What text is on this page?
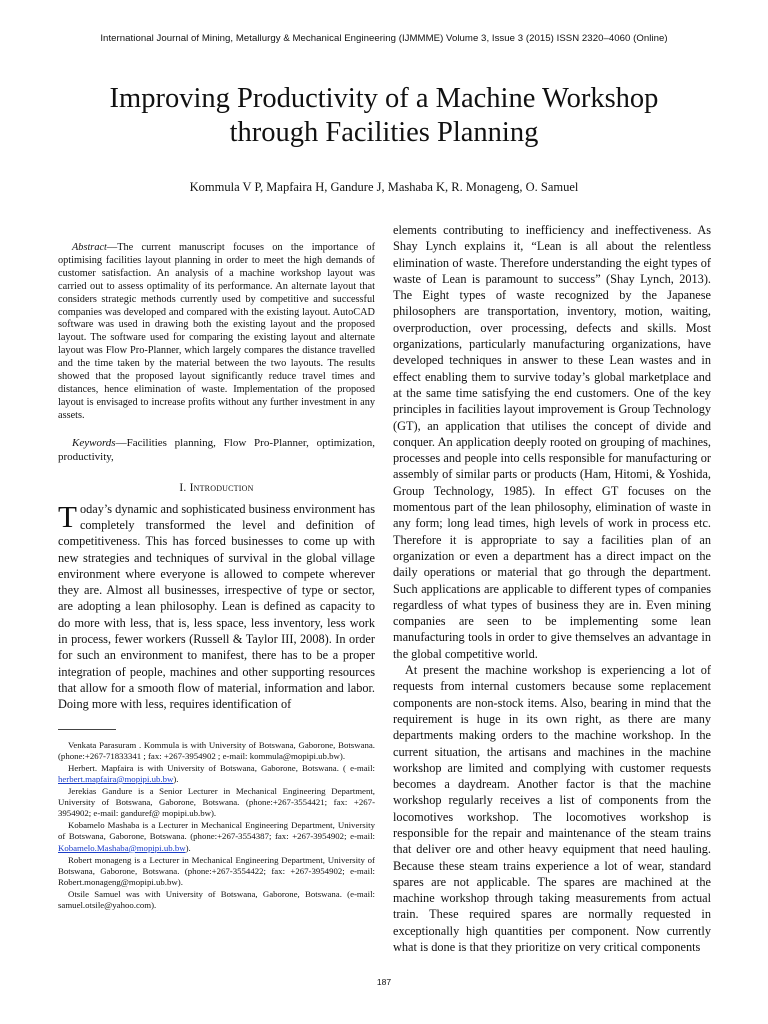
International Journal of Mining, Metallurgy & Mechanical Engineering (IJMMME) Volume 3, Issue 3 (2015) ISSN 2320–4060 (Online)
Improving Productivity of a Machine Workshop
through Facilities Planning
Kommula V P, Mapfaira H, Gandure J, Mashaba K, R. Monageng, O. Samuel

Abstract—The current manuscript focuses on the importance of optimising facilities layout planning in order to meet the high demands of customer satisfaction. An analysis of a machine workshop layout was carried out to assess optimality of its performance. An alternate layout that considers strategic methods currently used by competitive and successful companies was developed and compared with the existing layout. AutoCAD software was used in drawing both the existing layout and the proposed layout. The software used for comparing the existing layout and alternate layout was Flow Pro-Planner, which largely compares the distance travelled and the time taken by the material between the two layouts. The results showed that the proposed layout significantly reduce travel times and distances, hence elimination of waste. Implementation of the proposed layout is envisaged to increase profits without any further investment in any assets.

Keywords—Facilities planning, Flow Pro-Planner, optimization, productivity,

I. Introduction

Today’s dynamic and sophisticated business environment has completely transformed the level and definition of competitiveness. This has forced businesses to come up with new strategies and techniques of survival in the global village environment where everyone is allowed to compete wherever they are. Almost all businesses, irrespective of type or sector, are adopting a lean philosophy. Lean is defined as capacity to do more with less, that is, less space, less inventory, less work in process, fewer workers (Russell & Taylor III, 2008). In order for such an environment to manifest, there has to be a proper integration of people, machines and other supporting resources that allow for a smooth flow of material, information and labor. Doing more with less, requires identification of

Venkata Parasuram . Kommula is with University of Botswana, Gaborone, Botswana. (phone:+267-71833341 ; fax: +267-3954902 ; e-mail: kommula@mopipi.ub.bw).

Herbert. Mapfaira is with University of Botswana, Gaborone, Botswana. ( e-mail: herbert.mapfaira@mopipi.ub.bw).

Jerekias Gandure is a Senior Lecturer in Mechanical Engineering Department, University of Botswana, Gaborone, Botswana. (phone:+267-3554421; fax: +267-3954902; e-mail: ganduref@ mopipi.ub.bw).

Kobamelo Mashaba is a Lecturer in Mechanical Engineering Department, University of Botswana, Gaborone, Botswana. (phone:+267-3554387; fax: +267-3954902; e-mail: Kobamelo.Mashaba@mopipi.ub.bw).

Robert monageng is a Lecturer in Mechanical Engineering Department, University of Botswana, Gaborone, Botswana. (phone:+267-3554422; fax: +267-3954902; e-mail: Robert.monageng@mopipi.ub.bw).

Otsile Samuel was with University of Botswana, Gaborone, Botswana. (e-mail: samuel.otsile@yahoo.com).

elements contributing to inefficiency and ineffectiveness. As Shay Lynch explains it, “Lean is all about the relentless elimination of waste. Therefore understanding the eight types of waste of Lean is paramount to success” (Shay Lynch, 2013). The Eight types of waste recognized by the Japanese philosophers are transportation, inventory, motion, waiting, overproduction, over processing, defects and skills. Most organizations, particularly manufacturing organizations, have developed techniques in answer to these Lean wastes and in effect enabling them to survive today’s global marketplace and at the same time satisfying the end customers. One of the key principles in facilities layout improvement is Group Technology (GT), an application that utilises the concept of divide and conquer. An application deeply rooted on grouping of machines, processes and people into cells responsible for manufacturing or assembly of similar parts or products (Ham, Hitomi, & Yoshida, Group Technology, 1985). In effect GT focuses on the momentous part of the lean philosophy, elimination of waste in any form; long lead times, high levels of work in process etc. Therefore it is appropriate to say a facilities plan of an organization or even a department has a direct impact on the daily operations or material that go through the department. Such applications are applicable to different types of companies regardless of what types of business they are in. Even mining companies are seen to be implementing some lean manufacturing tools in order to give themselves an advantage in the global competitive world.

At present the machine workshop is experiencing a lot of requests from internal customers because some replacement components are non-stock items. Also, bearing in mind that the requirement is huge in its own right, as there are many departments making orders to the machine workshop. In the current situation, the artisans and machines in the machine workshop are limited and complying with customer requests becomes a daydream. Another factor is that the machine workshop regularly receives a list of components from the locomotives workshop. The locomotives workshop is responsible for the repair and maintenance of the steam trains that deliver ore and other heavy equipment that need hauling. Because these steam trains experience a lot of wear, standard spares are not applicable. The spares are machined at the machine workshop through taking measurements from actual train. These required spares are normally requested in exceptionally high quantities per component. Now currently what is done is that they prioritize on very critical components

187
